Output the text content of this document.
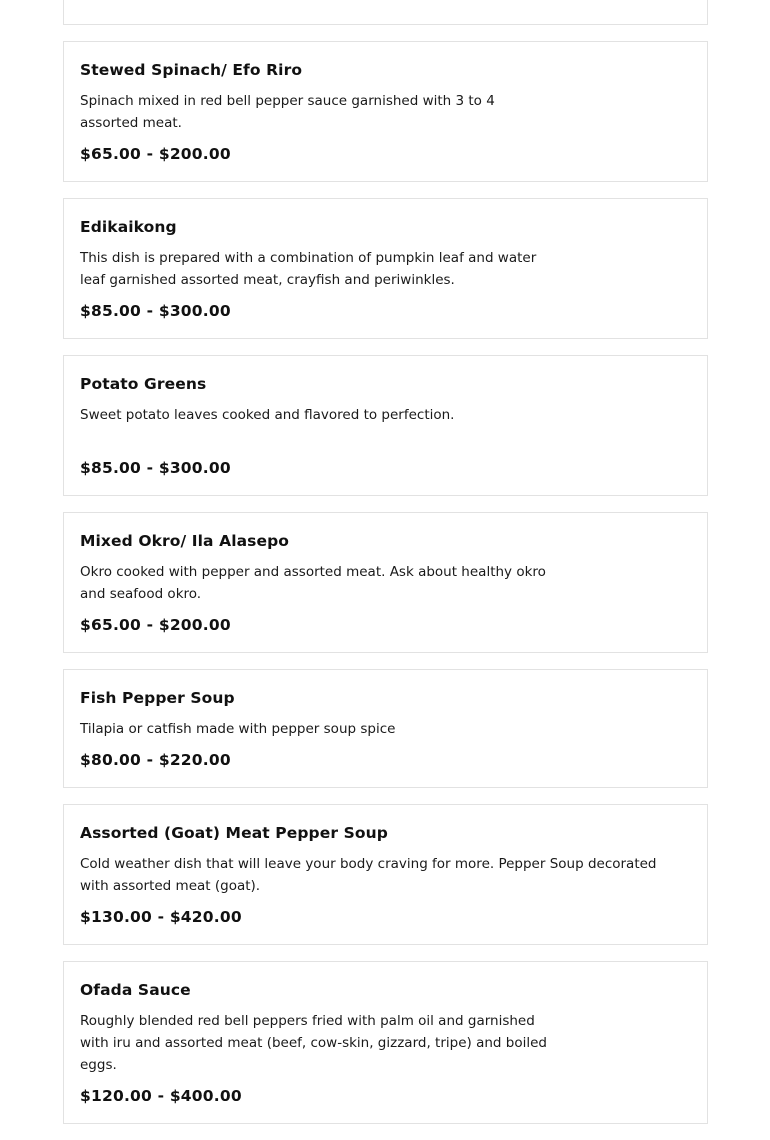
Stewed Spinach/ Efo Riro

Spinach mixed in red bell pepper sauce garnished with 3 to 4 assorted meat.

$65.00 - $200.00

Edikaikong

This dish is prepared with a combination of pumpkin leaf and water leaf garnished assorted meat, crayfish and periwinkles.

$85.00 - $300.00

Potato Greens

Sweet potato leaves cooked and flavored to perfection.

$85.00 - $300.00

Mixed Okro/ Ila Alasepo

Okro cooked with pepper and assorted meat. Ask about healthy okro and seafood okro.

$65.00 - $200.00

Fish Pepper Soup

Tilapia or catfish made with pepper soup spice

$80.00 - $220.00

Assorted (Goat) Meat Pepper Soup

Cold weather dish that will leave your body craving for more. Pepper Soup decorated with assorted meat (goat).

$130.00 - $420.00

Ofada Sauce

Roughly blended red bell peppers fried with palm oil and garnished with iru and assorted meat (beef, cow-skin, gizzard, tripe) and boiled eggs.

$120.00 - $400.00
